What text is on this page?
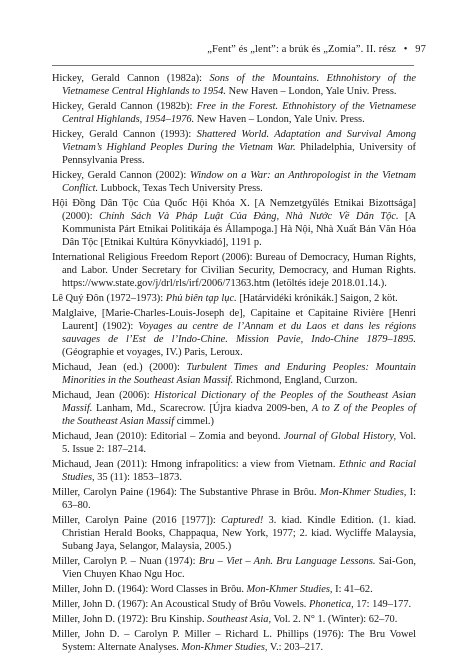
„Fent” és „lent”: a brúk és „Zomia”. II. rész • 97

Hickey, Gerald Cannon (1982a): Sons of the Mountains. Ethnohistory of the Vietnamese Central Highlands to 1954. New Haven – London, Yale Univ. Press.

Hickey, Gerald Cannon (1982b): Free in the Forest. Ethnohistory of the Vietnamese Central Highlands, 1954–1976. New Haven – London, Yale Univ. Press.

Hickey, Gerald Cannon (1993): Shattered World. Adaptation and Survival Among Vietnam’s Highland Peoples During the Vietnam War. Philadelphia, University of Pennsylvania Press.

Hickey, Gerald Cannon (2002): Window on a War: an Anthropologist in the Vietnam Conflict. Lubbock, Texas Tech University Press.

Hội Đồng Dân Tộc Của Quốc Hội Khóa X. [A Nemzetgyűlés Etnikai Bizottsága] (2000): Chính Sách Và Pháp Luật Của Đảng, Nhà Nước Về Dân Tộc. [A Kommunista Párt Etnikai Politikája és Állampoga.] Hà Nội, Nhà Xuất Bản Văn Hóa Dân Tộc [Etnikai Kultúra Könyvkiadó], 1191 p.

International Religious Freedom Report (2006): Bureau of Democracy, Human Rights, and Labor. Under Secretary for Civilian Security, Democracy, and Human Rights. https://www.state.gov/j/drl/rls/irf/2006/71363.htm (letöltés ideje 2018.01.14.).

Lê Quý Đôn (1972–1973): Phủ biên tạp lục. [Határvidéki krónikák.] Saigon, 2 köt.

Malglaive, [Marie-Charles-Louis-Joseph de], Capitaine et Capitaine Rivière [Henri Laurent] (1902): Voyages au centre de l’Annam et du Laos et dans les régions sauvages de l’Est de l’Indo-Chine. Mission Pavie, Indo-Chine 1879–1895. (Géographie et voyages, IV.) Paris, Leroux.

Michaud, Jean (ed.) (2000): Turbulent Times and Enduring Peoples: Mountain Minorities in the Southeast Asian Massif. Richmond, England, Curzon.

Michaud, Jean (2006): Historical Dictionary of the Peoples of the Southeast Asian Massif. Lanham, Md., Scarecrow. [Újra kiadva 2009-ben, A to Z of the Peoples of the Southeast Asian Massif cimmel.)

Michaud, Jean (2010): Editorial – Zomia and beyond. Journal of Global History, Vol. 5. Issue 2: 187–214.

Michaud, Jean (2011): Hmong infrapolitics: a view from Vietnam. Ethnic and Racial Studies, 35 (11): 1853–1873.

Miller, Carolyn Paine (1964): The Substantive Phrase in Brôu. Mon-Khmer Studies, I: 63–80.

Miller, Carolyn Paine (2016 [1977]): Captured! 3. kiad. Kindle Edition. (1. kiad. Christian Herald Books, Chappaqua, New York, 1977; 2. kiad. Wycliffe Malaysia, Subang Jaya, Selangor, Malaysia, 2005.)

Miller, Carolyn P. – Nuan (1974): Bru – Viet – Anh. Bru Language Lessons. Sai-Gon, Vien Chuyen Khao Ngu Hoc.

Miller, John D. (1964): Word Classes in Brôu. Mon-Khmer Studies, I: 41–62.

Miller, John D. (1967): An Acoustical Study of Brôu Vowels. Phonetica, 17: 149–177.

Miller, John D. (1972): Bru Kinship. Southeast Asia, Vol. 2. N° 1. (Winter): 62–70.

Miller, John D. – Carolyn P. Miller – Richard L. Phillips (1976): The Bru Vowel System: Alternate Analyses. Mon-Khmer Studies, V.: 203–217.
